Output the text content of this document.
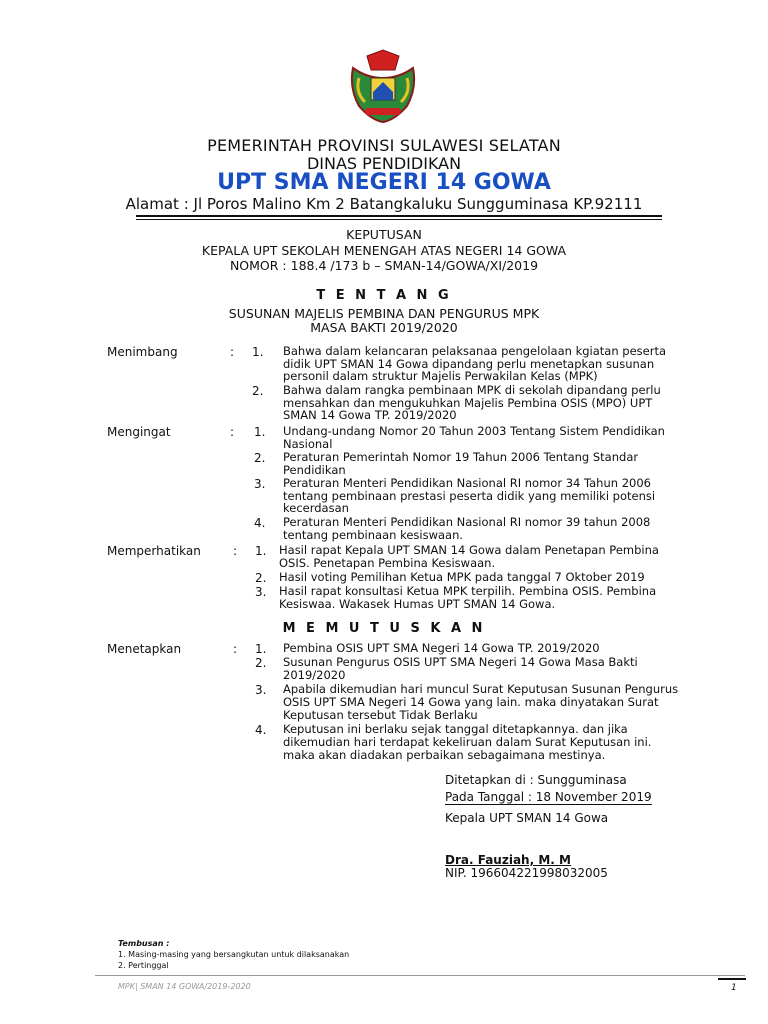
PEMERINTAH PROVINSI SULAWESI SELATAN
DINAS PENDIDIKAN
UPT SMA NEGERI 14 GOWA
Alamat : Jl Poros Malino Km 2 Batangkaluku Sungguminasa KP.92111
KEPUTUSAN
KEPALA UPT SEKOLAH MENENGAH ATAS NEGERI 14 GOWA
NOMOR : 188.4 /173 b – SMAN-14/GOWA/XI/2019
T E N T A N G
SUSUNAN MAJELIS PEMBINA DAN PENGURUS MPK
MASA BAKTI 2019/2020
Menimbang	: 1.	Bahwa dalam kelancaran pelaksanaa pengelolaan kgiatan peserta
didik UPT SMAN 14 Gowa dipandang perlu menetapkan susunan
personil dalam struktur Majelis Perwakilan Kelas (MPK)
2.	Bahwa dalam rangka pembinaan MPK di sekolah dipandang perlu
mensahkan dan mengukuhkan Majelis Pembina OSIS (MPO) UPT
SMAN 14 Gowa TP. 2019/2020
Mengingat	: 1.	Undang-undang Nomor 20 Tahun 2003 Tentang Sistem Pendidikan
Nasional
2.	Peraturan Pemerintah Nomor 19 Tahun 2006 Tentang Standar
Pendidikan
3.	Peraturan Menteri Pendidikan Nasional RI nomor 34 Tahun 2006
tentang pembinaan prestasi peserta didik yang memiliki potensi
kecerdasan
4.	Peraturan Menteri Pendidikan Nasional RI nomor 39 tahun 2008
tentang pembinaan kesiswaan.
Memperhatikan	: 1.	Hasil rapat Kepala UPT SMAN 14 Gowa dalam Penetapan Pembina
OSIS. Penetapan Pembina Kesiswaan.
2.	Hasil voting Pemilihan Ketua MPK pada tanggal 7 Oktober 2019
3.	Hasil rapat konsultasi Ketua MPK terpilih. Pembina OSIS. Pembina
Kesiswaa. Wakasek Humas UPT SMAN 14 Gowa.
M E M U T U S K A N
Menetapkan	: 1.	Pembina OSIS UPT SMA Negeri 14 Gowa TP. 2019/2020
2.	Susunan Pengurus OSIS UPT SMA Negeri 14 Gowa Masa Bakti
2019/2020
3.	Apabila dikemudian hari muncul Surat Keputusan Susunan Pengurus
OSIS UPT SMA Negeri 14 Gowa yang lain. maka dinyatakan Surat
Keputusan tersebut Tidak Berlaku
4.	Keputusan ini berlaku sejak tanggal ditetapkannya. dan jika
dikemudian hari terdapat kekeliruan dalam Surat Keputusan ini.
maka akan diadakan perbaikan sebagaimana mestinya.
Ditetapkan di : Sungguminasa
Pada Tanggal : 18 November 2019
Kepala UPT SMAN 14 Gowa
Dra. Fauziah, M. M
NIP. 196604221998032005
Tembusan :
1. Masing-masing yang bersangkutan untuk dilaksanakan
2. Pertinggal
MPK| SMAN 14 GOWA/2019-2020	1
